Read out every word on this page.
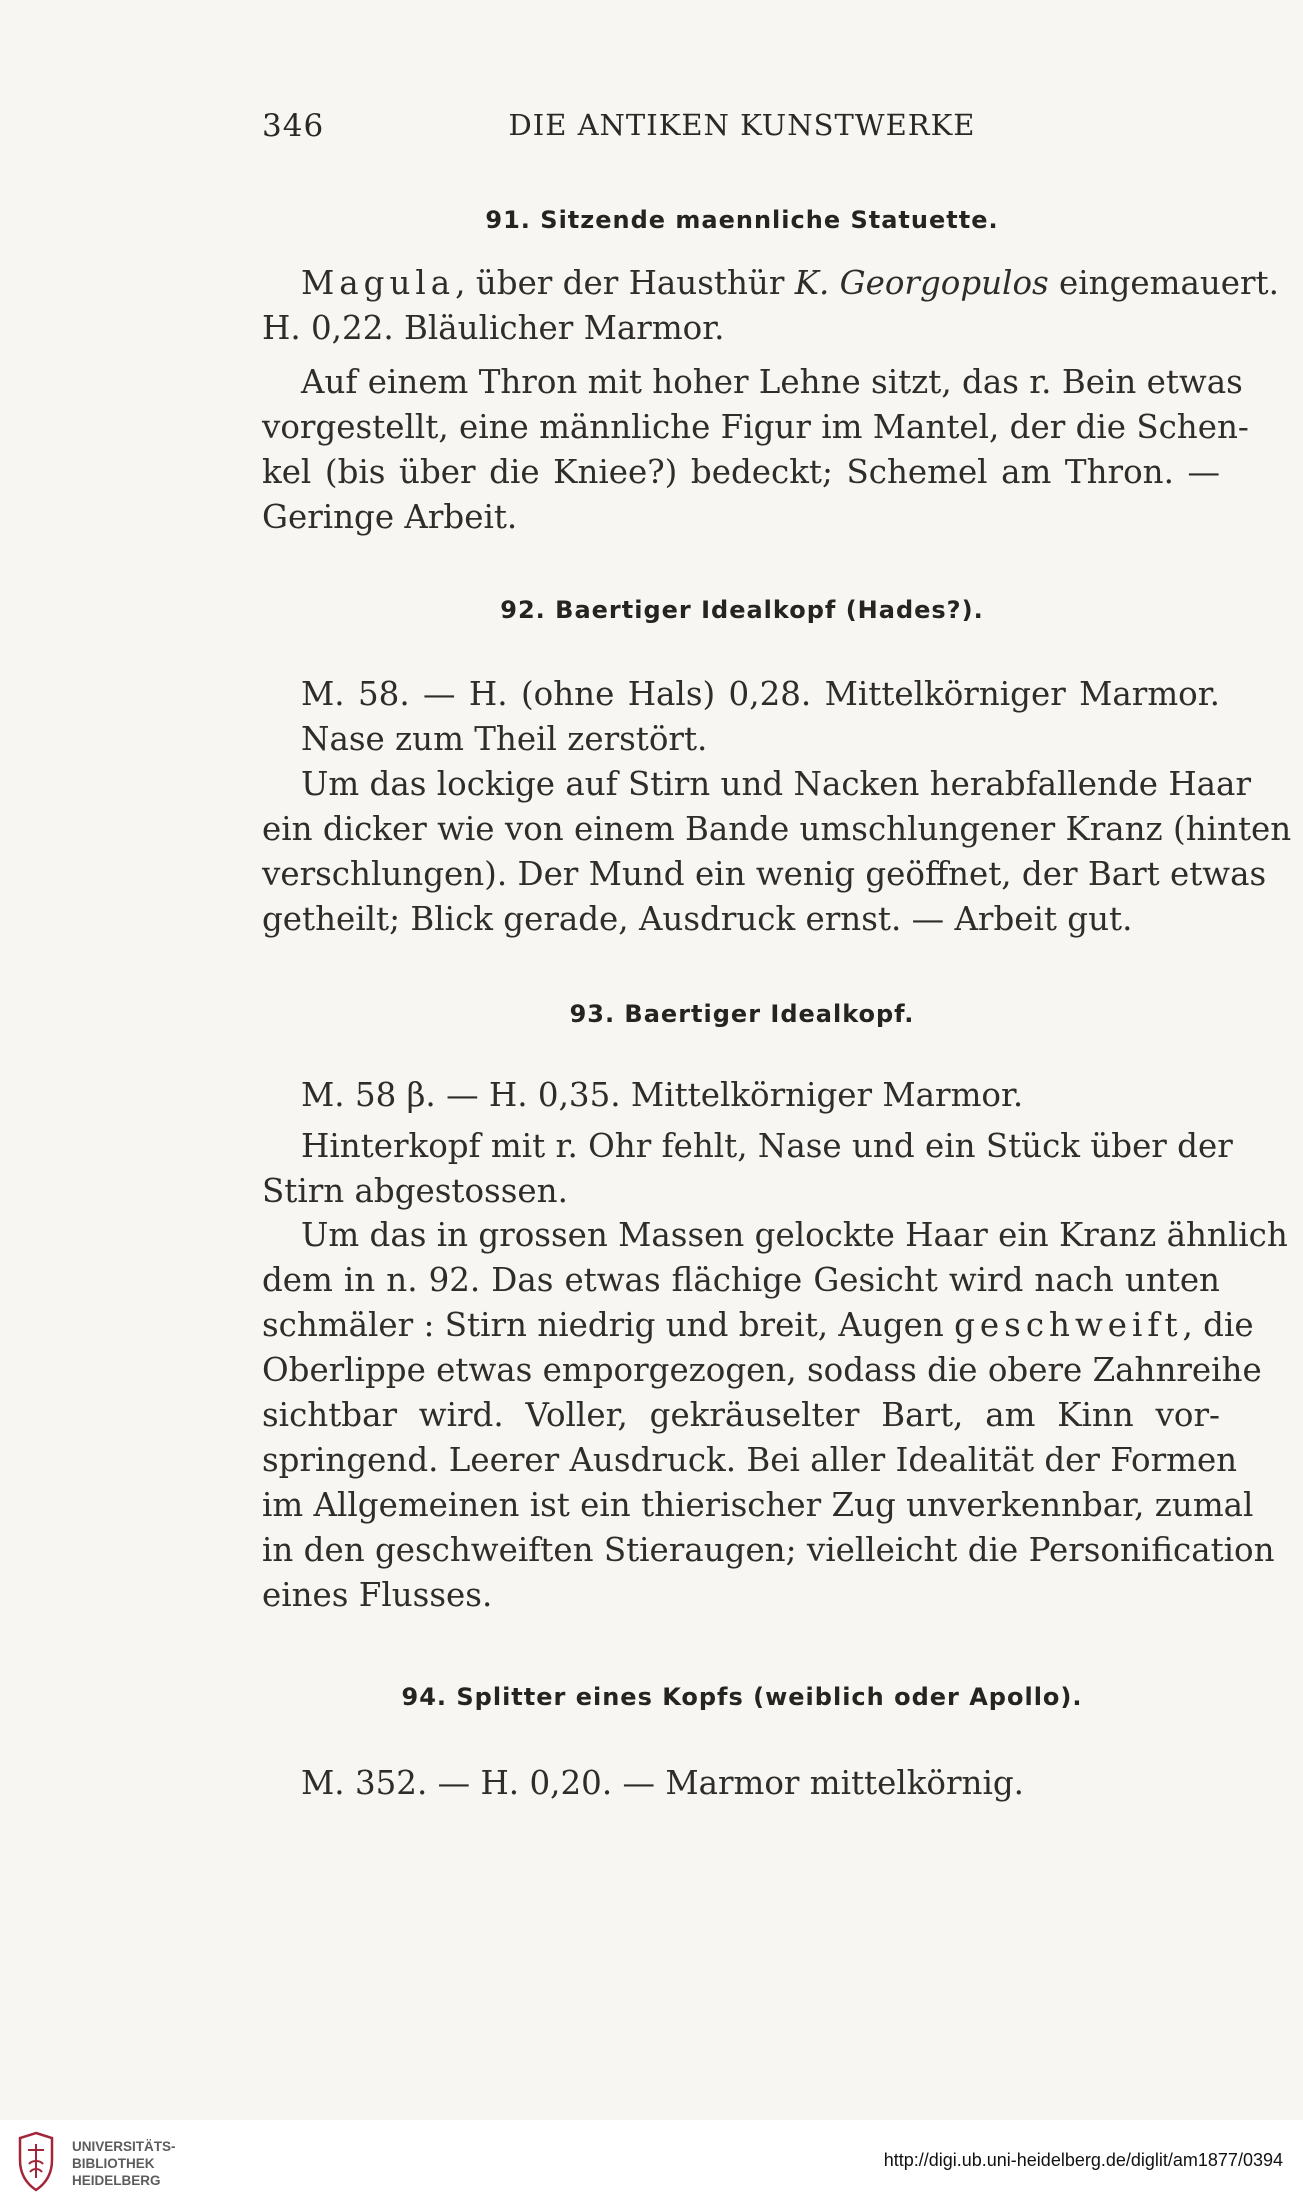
346	DIE ANTIKEN KUNSTWERKE
91. Sitzende maennliche Statuette.
Magula, über der Hausthür K. Georgopulos eingemauert.
H. 0,22. Bläulicher Marmor.
Auf einem Thron mit hoher Lehne sitzt, das r. Bein etwas
vorgestellt, eine männliche Figur im Mantel, der die Schen-
kel (bis über die Kniee?) bedeckt; Schemel am Thron. —
Geringe Arbeit.
92. Baertiger Idealkopf (Hades?).
M. 58. — H. (ohne Hals) 0,28. Mittelkörniger Marmor.
Nase zum Theil zerstört.
Um das lockige auf Stirn und Nacken herabfallende Haar
ein dicker wie von einem Bande umschlungener Kranz (hinten
verschlungen). Der Mund ein wenig geöffnet, der Bart etwas
getheilt; Blick gerade, Ausdruck ernst. — Arbeit gut.
93. Baertiger Idealkopf.
M. 58 β. — H. 0,35. Mittelkörniger Marmor.
Hinterkopf mit r. Ohr fehlt, Nase und ein Stück über der
Stirn abgestossen.
Um das in grossen Massen gelockte Haar ein Kranz ähnlich
dem in n. 92. Das etwas flächige Gesicht wird nach unten
schmäler : Stirn niedrig und breit, Augen geschweift, die
Oberlippe etwas emporgezogen, sodass die obere Zahnreihe
sichtbar wird. Voller, gekräuselter Bart, am Kinn vor-
springend. Leerer Ausdruck. Bei aller Idealität der Formen
im Allgemeinen ist ein thierischer Zug unverkennbar, zumal
in den geschweiften Stieraugen; vielleicht die Personification
eines Flusses.
94. Splitter eines Kopfs (weiblich oder Apollo).
M. 352. — H. 0,20. — Marmor mittelkörnig.
UNIVERSITÄTS-
BIBLIOTHEK
HEIDELBERG
http://digi.ub.uni-heidelberg.de/diglit/am1877/0394
